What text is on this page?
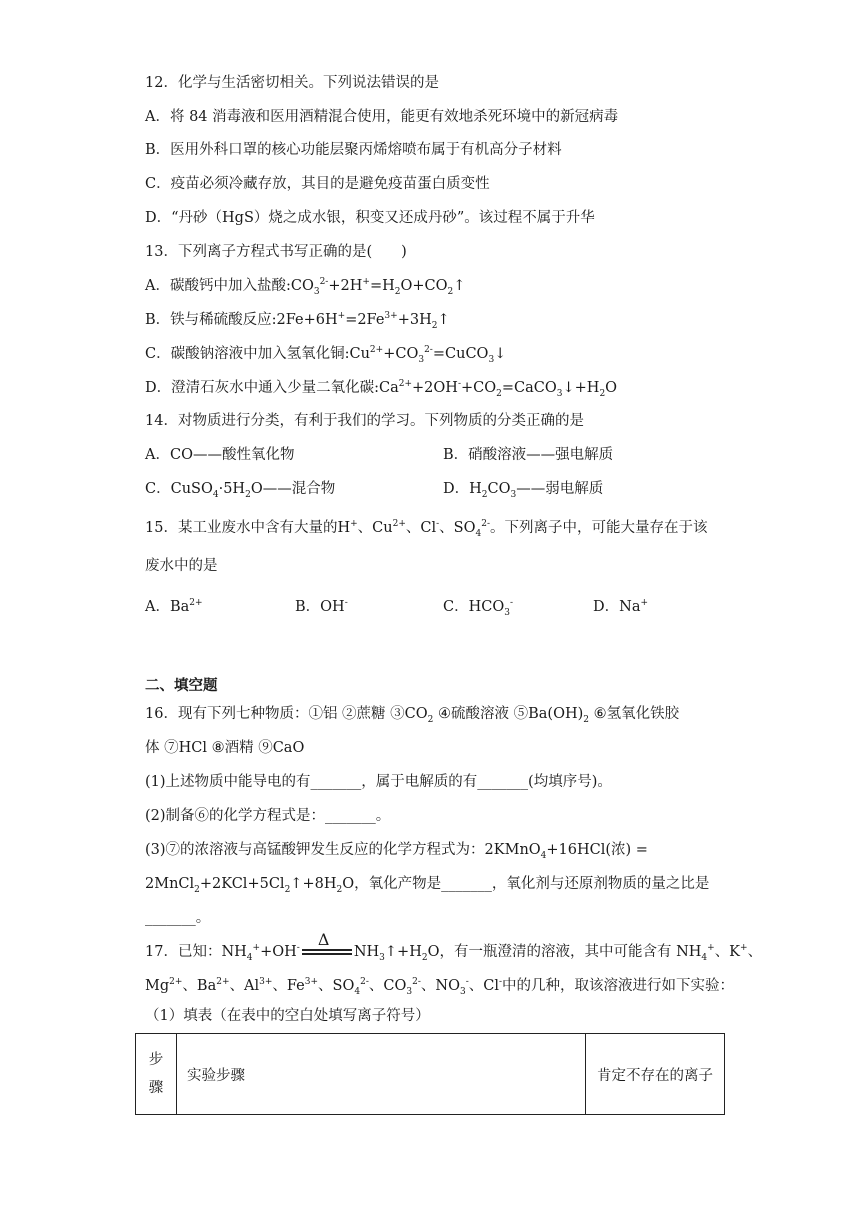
12．化学与生活密切相关。下列说法错误的是
A．将 84 消毒液和医用酒精混合使用，能更有效地杀死环境中的新冠病毒
B．医用外科口罩的核心功能层聚丙烯熔喷布属于有机高分子材料
C．疫苗必须冷藏存放，其目的是避免疫苗蛋白质变性
D．“丹砂（HgS）烧之成水银，积变又还成丹砂”。该过程不属于升华
13．下列离子方程式书写正确的是(　　)
A．碳酸钙中加入盐酸$:CO_3^{2-}+2H^+=H_2O+CO_2↑$
B．铁与稀硫酸反应$:2Fe+6H^+=2Fe^{3+}+3H_2↑$
C．碳酸钠溶液中加入氢氧化铜$:Cu^{2+}+CO_3^{2-}=CuCO_3↓$
D．澄清石灰水中通入少量二氧化碳$:Ca^{2+}+2OH^-+CO_2=CaCO_3↓+H_2O$
14．对物质进行分类，有利于我们的学习。下列物质的分类正确的是
A．CO——酸性氧化物	B．硝酸溶液——强电解质
C．$CuSO_4\cdot 5H_2O——$混合物	D．$H_2CO_3——$弱电解质
15．某工业废水中含有大量的H+、$Cu^{2+}$、Cl-、$SO_4^{2-}$。下列离子中，可能大量存在于该
废水中的是
A．$Ba^{2+}$	B．OH-	C．$HCO_3^-$	D．Na+
二、填空题
16．现有下列七种物质：①铝 ②蔗糖 $③CO_2$ ④硫酸溶液 $⑤Ba(OH)_2$ ⑥氢氧化铁胶
体 ⑦HCl ⑧酒精 ⑨CaO
(1)上述物质中能导电的有_______，属于电解质的有_______(均填序号)。
(2)制备⑥的化学方程式是：_______。
(3)⑦的浓溶液与高锰酸钾发生反应的化学方程式为：2KMnO$_4$+16HCl(浓) =
$2MnCl_2+2KCl+5Cl_2↑+8H_2O$，氧化产物是_______，氧化剂与还原剂物质的量之比是
_______。
17．已知：$NH_4^++OH^-$ Δ
$NH_3↑+H_2O$，有一瓶澄清的溶液，其中可能含有 $NH_4^+$、K+、
$Mg^{2+}$、$Ba^{2+}$、$Al^{3+}$、$Fe^{3+}$、$SO_4^{2-}$、$CO_3^{2-}$、$NO_3^-$、Cl-中的几种，取该溶液进行如下实验：
（1）填表（在表中的空白处填写离子符号）
步
骤	实验步骤	肯定不存在的离子
